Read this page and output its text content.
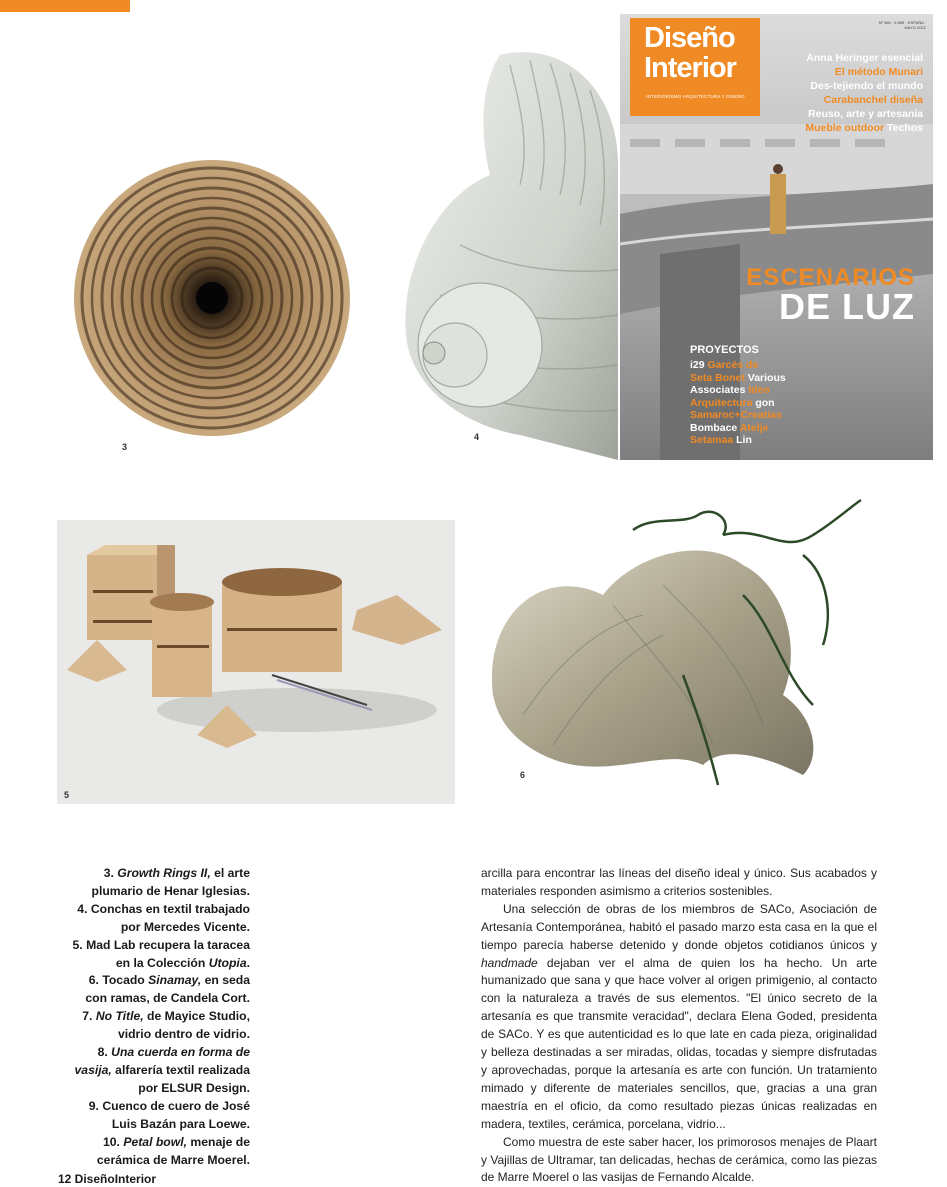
3
4
Diseño
Interior
INTERIORISMO ARQUITECTURA Y DISEÑO
Nº 366 · 6,50€ · ESPAÑA · MAYO 2022
Anna Heringer esencial
El método Munari
Des-tejiendo el mundo
Carabanchel diseña
Reuso, arte y artesanía
Mueble outdoor Techos
ESCENARIOS
DE LUZ
PROYECTOS
i29 Garcés de
Seta Bonet Various
Associates Ideo
Arquitectura gon
Samaroc+Creatias
Bombace Atelje
Setamaa Lin
5
6

3. Growth Rings II, el arte plumario de Henar Iglesias.

4. Conchas en textil trabajado por Mercedes Vicente.

5. Mad Lab recupera la taracea en la Colección Utopia.

6. Tocado Sinamay, en seda con ramas, de Candela Cort.

7. No Title, de Mayice Studio, vidrio dentro de vidrio.

8. Una cuerda en forma de vasija, alfarería textil realizada por ELSUR Design.

9. Cuenco de cuero de José Luis Bazán para Loewe.

10. Petal bowl, menaje de cerámica de Marre Moerel.

arcilla para encontrar las líneas del diseño ideal y único. Sus acabados y materiales responden asimismo a criterios sostenibles.

Una selección de obras de los miembros de SACo, Asociación de Artesanía Contemporánea, habitó el pasado marzo esta casa en la que el tiempo parecía haberse detenido y donde objetos cotidianos únicos y handmade dejaban ver el alma de quien los ha hecho. Un arte humanizado que sana y que hace volver al origen primigenio, al contacto con la naturaleza a través de sus elementos. "El único secreto de la artesanía es que transmite veracidad", declara Elena Goded, presidenta de SACo. Y es que autenticidad es lo que late en cada pieza, originalidad y belleza destinadas a ser miradas, olidas, tocadas y siempre disfrutadas y aprovechadas, porque la artesanía es arte con función. Un tratamiento mimado y diferente de materiales sencillos, que, gracias a una gran maestría en el oficio, da como resultado piezas únicas realizadas en madera, textiles, cerámica, porcelana, vidrio...

Como muestra de este saber hacer, los primorosos menajes de Plaart y Vajillas de Ultramar, tan delicadas, hechas de cerámica, como las piezas de Marre Moerel o las vasijas de Fernando Alcalde.

12 DiseñoInterior
